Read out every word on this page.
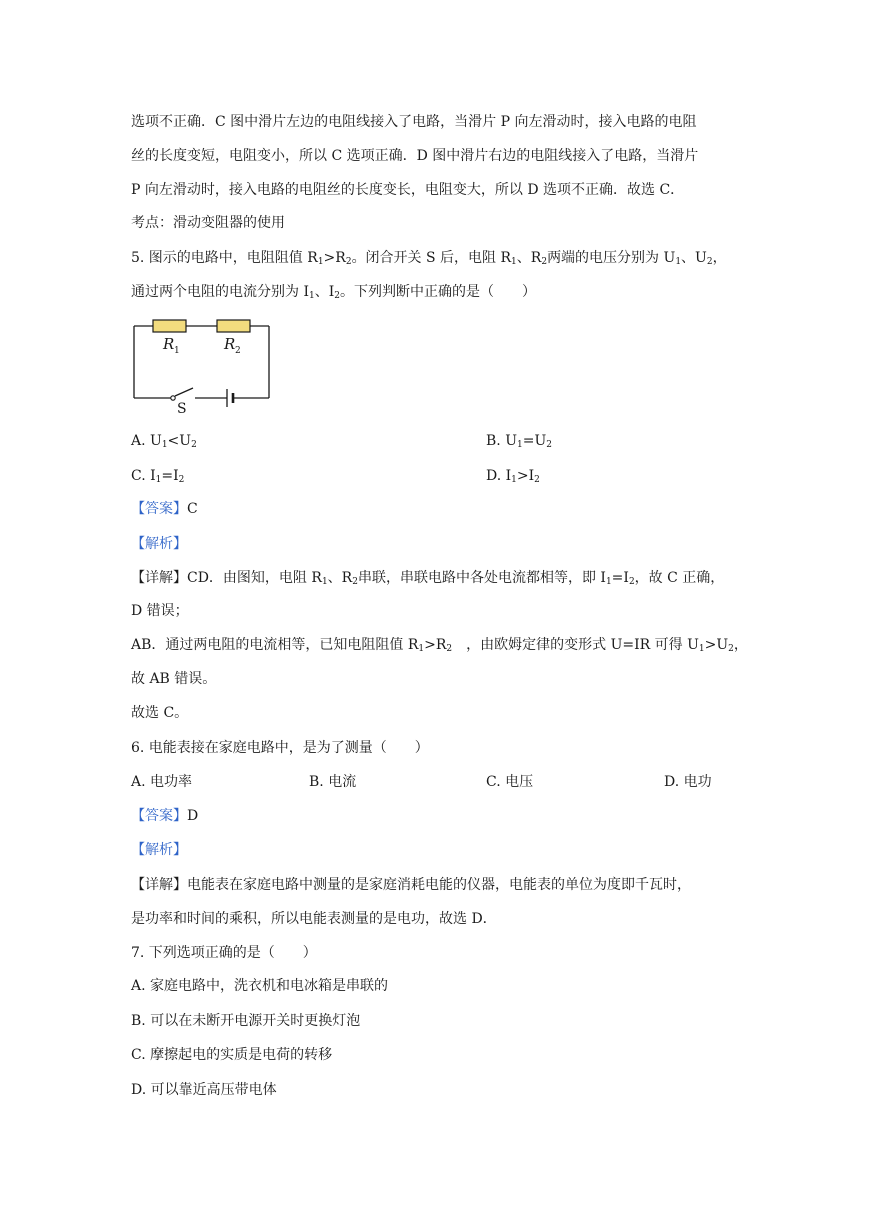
选项不正确．C 图中滑片左边的电阻线接入了电路，当滑片 P 向左滑动时，接入电路的电阻
丝的长度变短，电阻变小，所以 C 选项正确．D 图中滑片右边的电阻线接入了电路，当滑片
P 向左滑动时，接入电路的电阻丝的长度变长，电阻变大，所以 D 选项不正确．故选 C．
考点：滑动变阻器的使用
5. 图示的电路中，电阻阻值 $R_1>R_2$。闭合开关 S 后，电阻 $R_1$、$R_2$两端的电压分别为 $U_1$、$U_2$，
通过两个电阻的电流分别为 $I_1$、$I_2$。下列判断中正确的是（　　）
R 1	R 2
S
A. $U_1<U_2$	B. $U_1=U_2$
C. $I_1=I_2$	D. $I_1>I_2$
【答案】C
【解析】
【详解】CD．由图知，电阻 $R_1$、$R_2$串联，串联电路中各处电流都相等，即 $I_1=I_2$，故 C 正确，
D 错误；
AB．通过两电阻的电流相等，已知电阻阻值 $R_1>R_2$　，由欧姆定律的变形式 U=IR 可得 $U_1>U_2$，
故 AB 错误。
故选 C。
6. 电能表接在家庭电路中，是为了测量（　　）
A. 电功率	B. 电流	C. 电压	D. 电功
【答案】D
【解析】
【详解】电能表在家庭电路中测量的是家庭消耗电能的仪器，电能表的单位为度即千瓦时，
是功率和时间的乘积，所以电能表测量的是电功，故选 D．
7. 下列选项正确的是（　　）
A. 家庭电路中，洗衣机和电冰箱是串联的
B. 可以在未断开电源开关时更换灯泡
C. 摩擦起电的实质是电荷的转移
D. 可以靠近高压带电体
